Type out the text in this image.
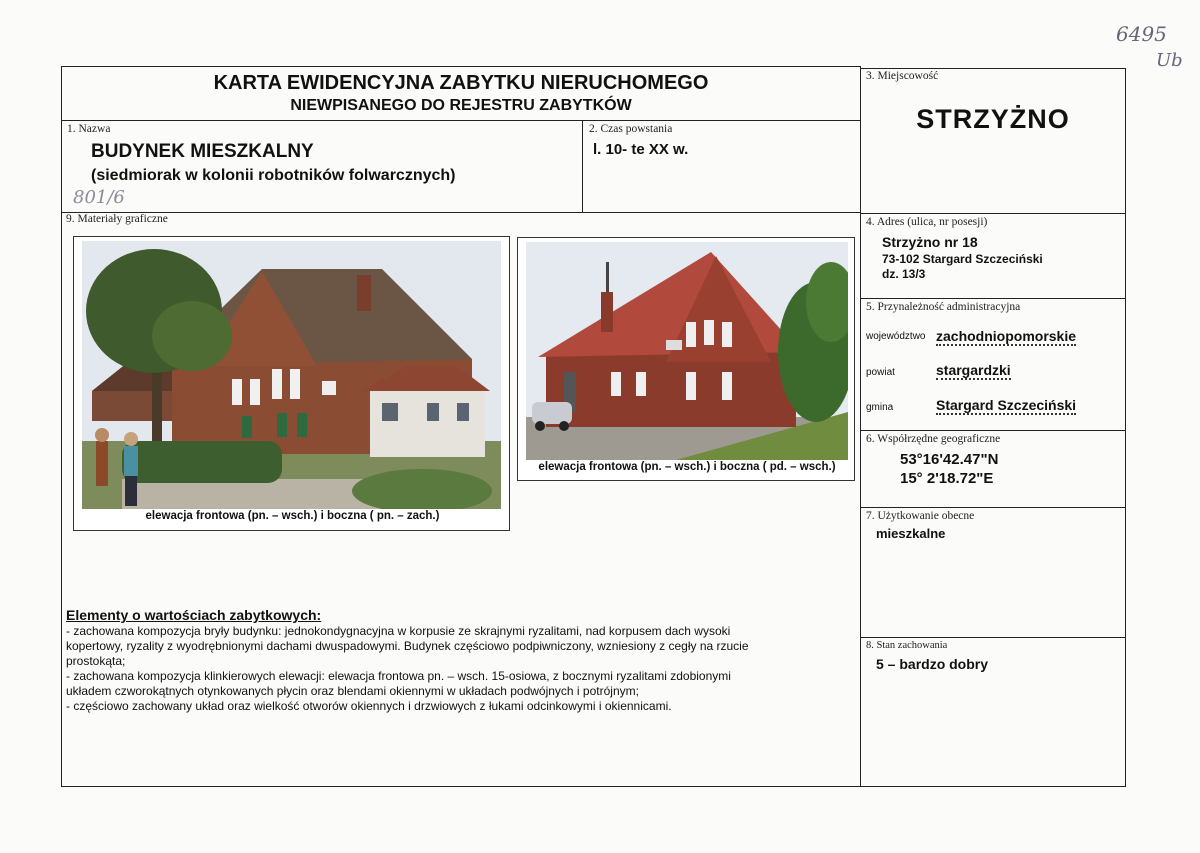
6495
Ub
KARTA EWIDENCYJNA ZABYTKU NIERUCHOMEGO
NIEWPISANEGO DO REJESTRU ZABYTKÓW
1. Nazwa
BUDYNEK MIESZKALNY
(siedmiorak w kolonii robotników folwarcznych)
801/6
2. Czas powstania
l. 10- te XX w.
9. Materiały graficzne
elewacja frontowa (pn. – wsch.) i boczna ( pn. – zach.)
elewacja frontowa (pn. – wsch.) i boczna ( pd. – wsch.)
Elementy o wartościach zabytkowych:
- zachowana kompozycja bryły budynku: jednokondygnacyjna w korpusie ze skrajnymi ryzalitami, nad korpusem dach wysoki
kopertowy, ryzality z wyodrębnionymi dachami dwuspadowymi. Budynek częściowo podpiwniczony, wzniesiony z cegły na rzucie
prostokąta;
- zachowana kompozycja klinkierowych elewacji: elewacja frontowa pn. – wsch. 15-osiowa, z bocznymi ryzalitami zdobionymi
układem czworokątnych otynkowanych płycin oraz blendami okiennymi w układach podwójnych i potrójnym;
- częściowo zachowany układ oraz wielkość otworów okiennych i drzwiowych z łukami odcinkowymi i okiennicami.
3. Miejscowość
STRZYŻNO
4. Adres (ulica, nr posesji)
Strzyżno nr 18
73-102 Stargard Szczeciński
dz. 13/3
5. Przynależność administracyjna
województwo zachodniopomorskie
powiat	stargardzki
gmina	Stargard Szczeciński
6. Współrzędne geograficzne
53°16'42.47"N
15° 2'18.72"E
7. Użytkowanie obecne
mieszkalne
8. Stan zachowania
5 – bardzo dobry
